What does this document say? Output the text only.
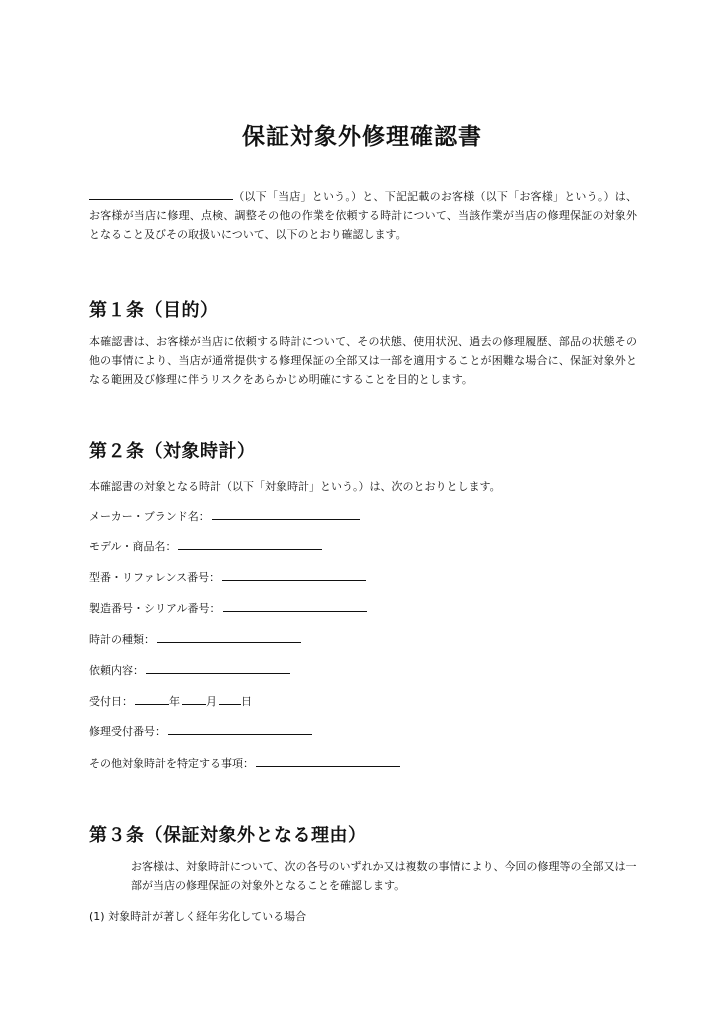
保証対象外修理確認書

（以下「当店」という。）と、下記記載のお客様（以下「お客様」という。）は、お客様が当店に修理、点検、調整その他の作業を依頼する時計について、当該作業が当店の修理保証の対象外となること及びその取扱いについて、以下のとおり確認します。

第１条（目的）

本確認書は、お客様が当店に依頼する時計について、その状態、使用状況、過去の修理履歴、部品の状態その他の事情により、当店が通常提供する修理保証の全部又は一部を適用することが困難な場合に、保証対象外となる範囲及び修理に伴うリスクをあらかじめ明確にすることを目的とします。

第２条（対象時計）

本確認書の対象となる時計（以下「対象時計」という。）は、次のとおりとします。

メーカー・ブランド名：

モデル・商品名：

型番・リファレンス番号：

製造番号・シリアル番号：

時計の種類：

依頼内容：

受付日：	年 月 日

修理受付番号：

その他対象時計を特定する事項：

第３条（保証対象外となる理由）

お客様は、対象時計について、次の各号のいずれか又は複数の事情により、今回の修理等の全部又は一部が当店の修理保証の対象外となることを確認します。

(1) 対象時計が著しく経年劣化している場合
